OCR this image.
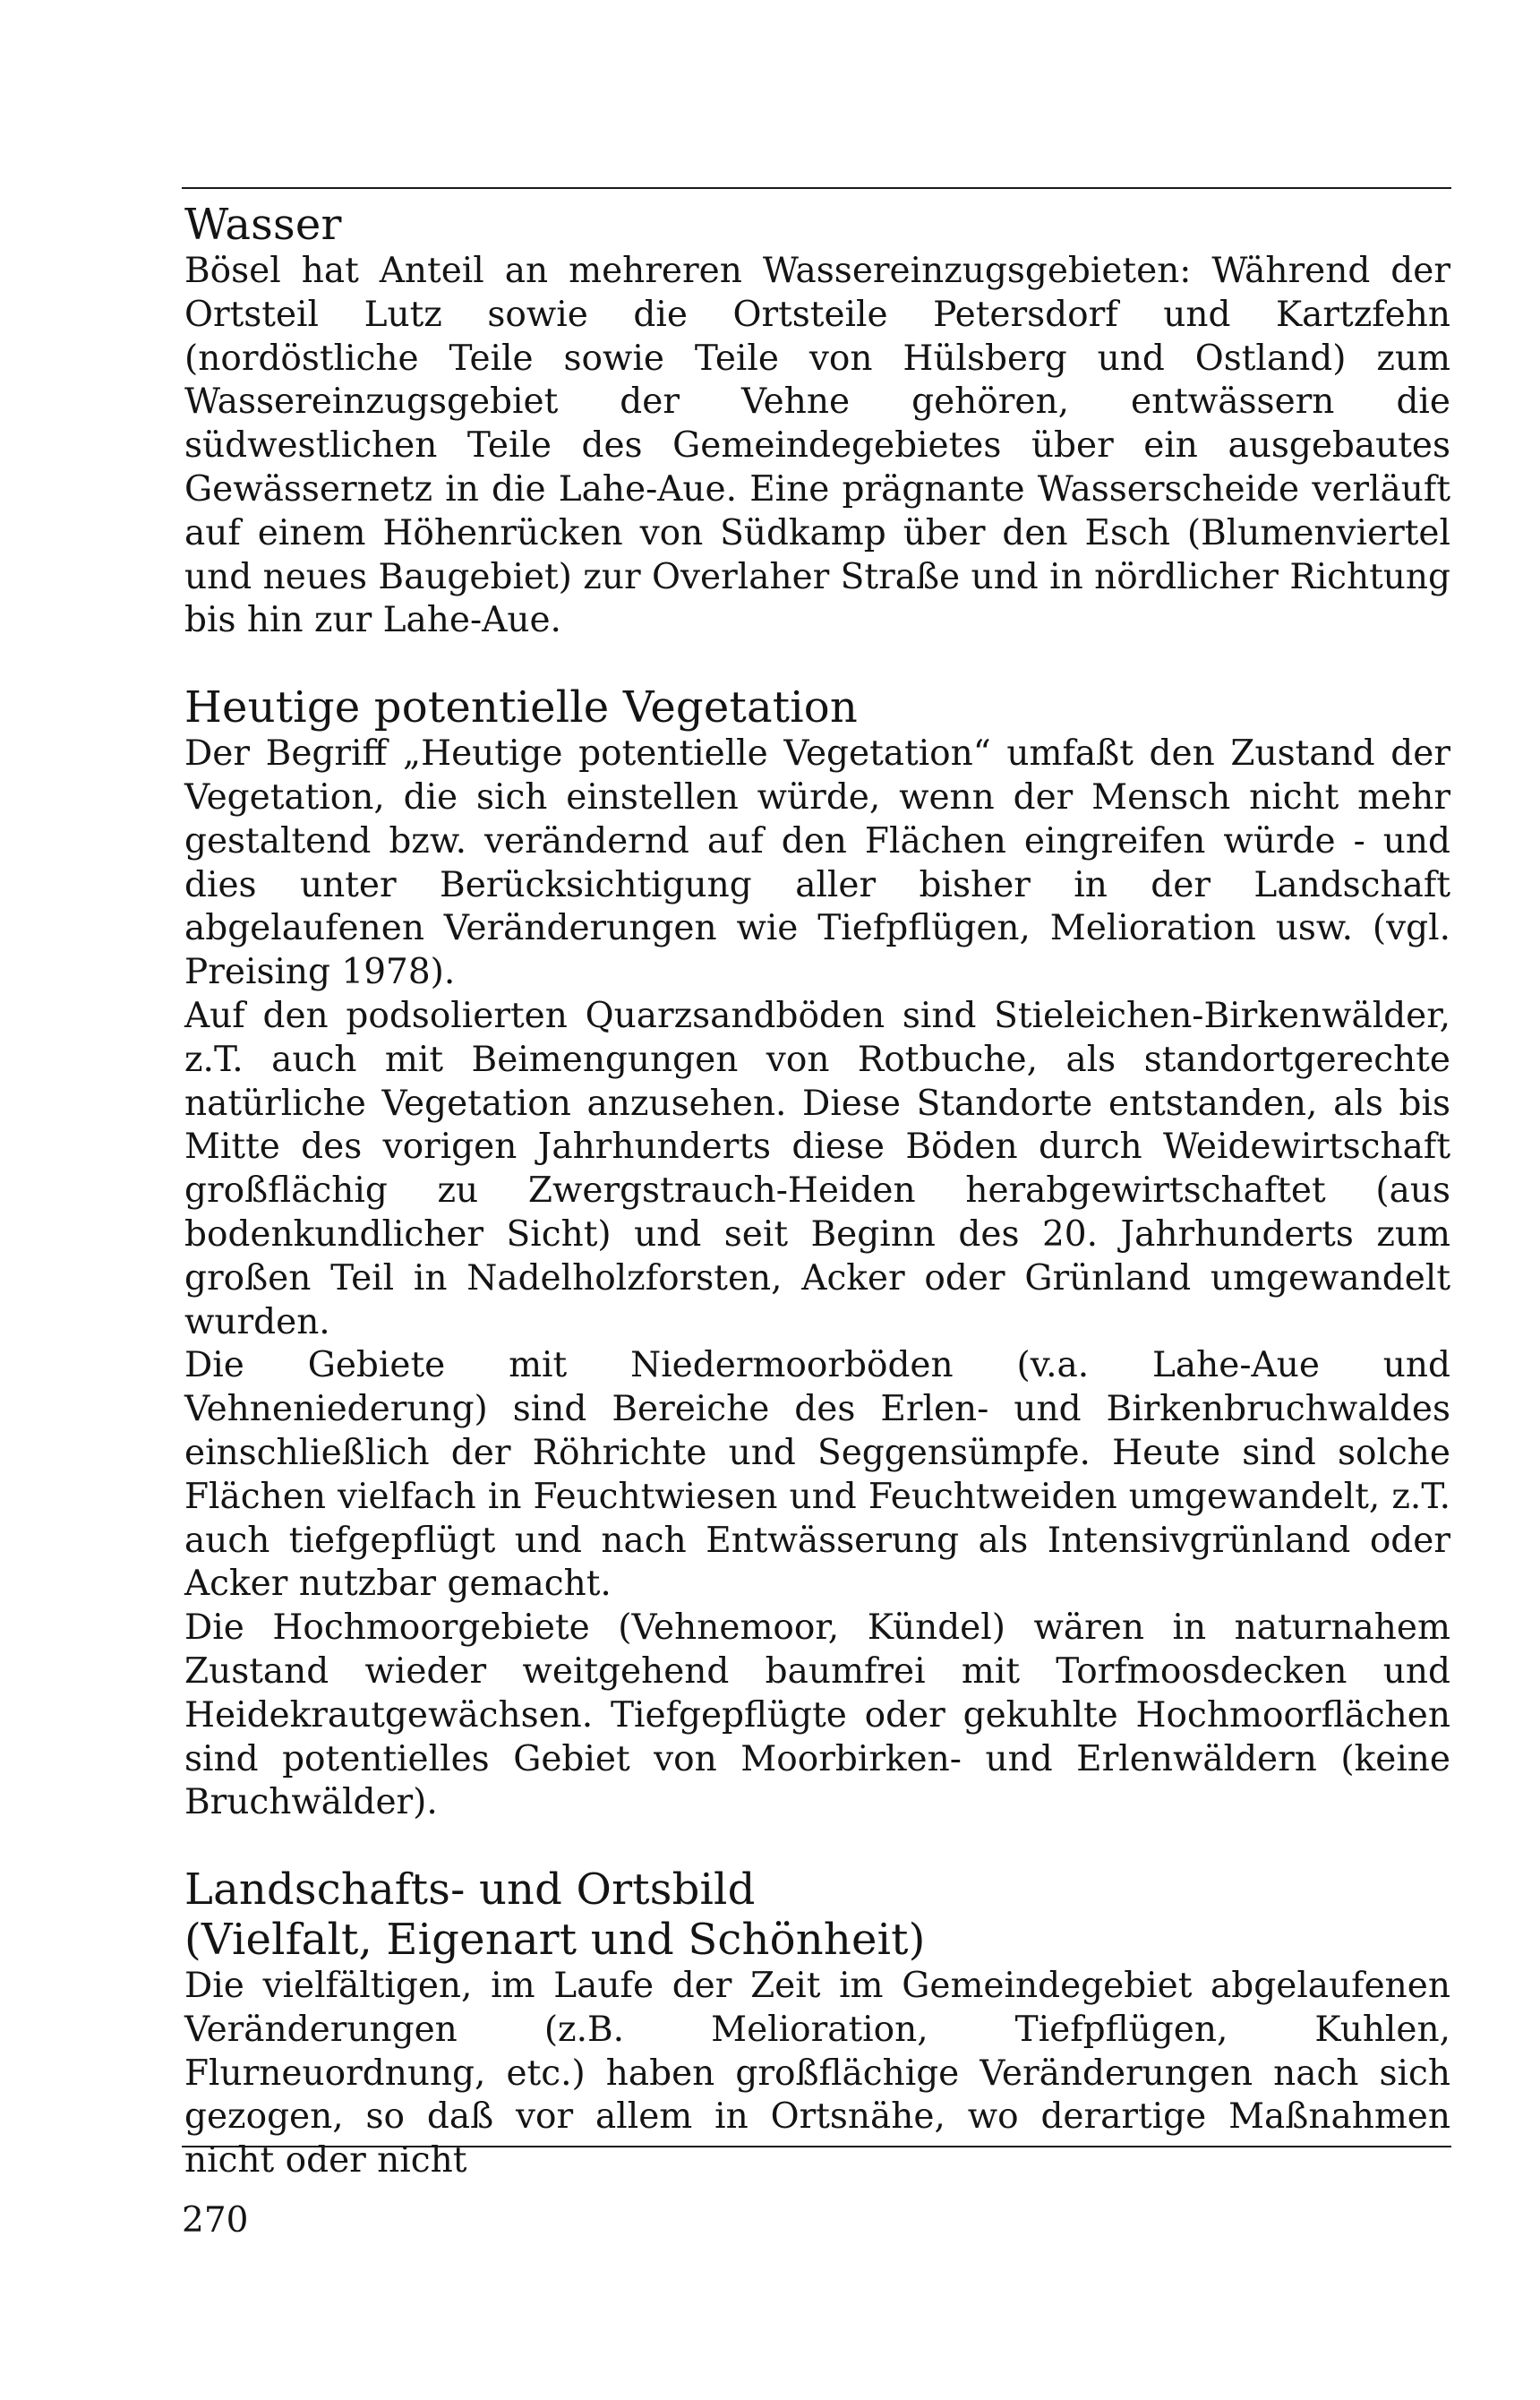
Wasser

Bösel hat Anteil an mehreren Wassereinzugsgebieten: Während der Ortsteil Lutz sowie die Ortsteile Petersdorf und Kartzfehn (nordöstliche Teile sowie Teile von Hülsberg und Ostland) zum Wassereinzugsgebiet der Vehne gehören, entwässern die südwestlichen Teile des Gemeindegebietes über ein ausgebautes Gewässernetz in die Lahe-Aue. Eine prägnante Wasserscheide verläuft auf einem Höhenrücken von Südkamp über den Esch (Blumenviertel und neues Baugebiet) zur Overlaher Straße und in nördlicher Richtung bis hin zur Lahe-Aue.

Heutige potentielle Vegetation

Der Begriff „Heutige potentielle Vegetation“ umfaßt den Zustand der Vegetation, die sich einstellen würde, wenn der Mensch nicht mehr gestaltend bzw. verändernd auf den Flächen eingreifen würde - und dies unter Berücksichtigung aller bisher in der Landschaft abgelaufenen Veränderungen wie Tiefpflügen, Melioration usw. (vgl. Preising 1978).

Auf den podsolierten Quarzsandböden sind Stieleichen-Birkenwälder, z.T. auch mit Beimengungen von Rotbuche, als standortgerechte natürliche Vegetation anzusehen. Diese Standorte entstanden, als bis Mitte des vorigen Jahrhunderts diese Böden durch Weidewirtschaft großflächig zu Zwergstrauch-Heiden herabgewirtschaftet (aus bodenkundlicher Sicht) und seit Beginn des 20. Jahrhunderts zum großen Teil in Nadelholzforsten, Acker oder Grünland umgewandelt wurden.

Die Gebiete mit Niedermoorböden (v.a. Lahe-Aue und Vehneniederung) sind Bereiche des Erlen- und Birkenbruchwaldes einschließlich der Röhrichte und Seggensümpfe. Heute sind solche Flächen vielfach in Feuchtwiesen und Feuchtweiden umgewandelt, z.T. auch tiefgepflügt und nach Entwässerung als Intensivgrünland oder Acker nutzbar gemacht.

Die Hochmoorgebiete (Vehnemoor, Kündel) wären in naturnahem Zustand wieder weitgehend baumfrei mit Torfmoosdecken und Heidekrautgewächsen. Tiefgepflügte oder gekuhlte Hochmoorflächen sind potentielles Gebiet von Moorbirken- und Erlenwäldern (keine Bruchwälder).

Landschafts- und Ortsbild
(Vielfalt, Eigenart und Schönheit)

Die vielfältigen, im Laufe der Zeit im Gemeindegebiet abgelaufenen Veränderungen (z.B. Melioration, Tiefpflügen, Kuhlen, Flurneuordnung, etc.) haben großflächige Veränderungen nach sich gezogen, so daß vor allem in Ortsnähe, wo derartige Maßnahmen nicht oder nicht

270
